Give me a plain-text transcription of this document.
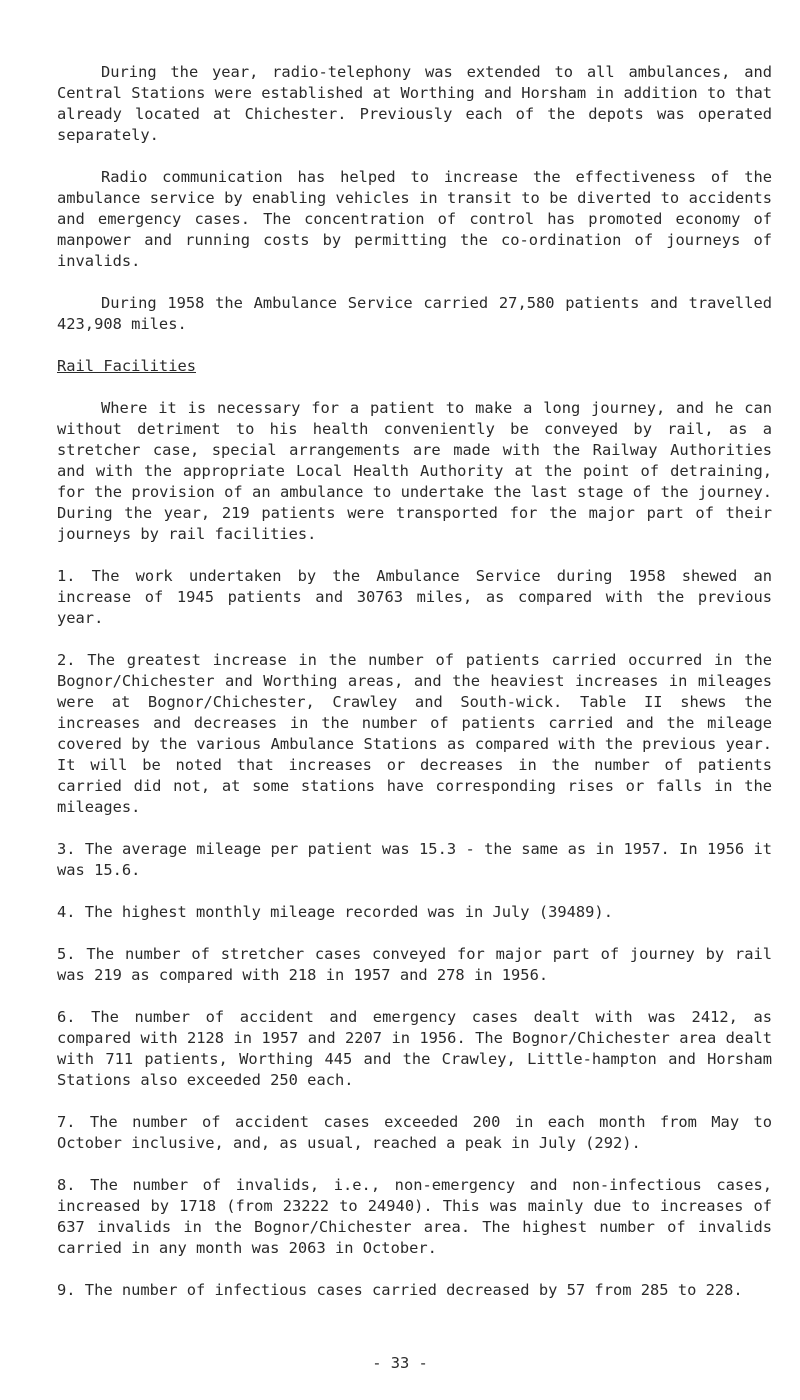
During the year, radio-telephony was extended to all ambulances, and Central Stations were established at Worthing and Horsham in addition to that already located at Chichester. Previously each of the depots was operated separately.

Radio communication has helped to increase the effectiveness of the ambulance service by enabling vehicles in transit to be diverted to accidents and emergency cases. The concentration of control has promoted economy of manpower and running costs by permitting the co-ordination of journeys of invalids.

During 1958 the Ambulance Service carried 27,580 patients and travelled 423,908 miles.

Rail Facilities

Where it is necessary for a patient to make a long journey, and he can without detriment to his health conveniently be conveyed by rail, as a stretcher case, special arrangements are made with the Railway Authorities and with the appropriate Local Health Authority at the point of detraining, for the provision of an ambulance to undertake the last stage of the journey. During the year, 219 patients were transported for the major part of their journeys by rail facilities.

1. The work undertaken by the Ambulance Service during 1958 shewed an increase of 1945 patients and 30763 miles, as compared with the previous year.

2. The greatest increase in the number of patients carried occurred in the Bognor/Chichester and Worthing areas, and the heaviest increases in mileages were at Bognor/Chichester, Crawley and South-wick. Table II shews the increases and decreases in the number of patients carried and the mileage covered by the various Ambulance Stations as compared with the previous year. It will be noted that increases or decreases in the number of patients carried did not, at some stations have corresponding rises or falls in the mileages.

3. The average mileage per patient was 15.3 - the same as in 1957. In 1956 it was 15.6.

4. The highest monthly mileage recorded was in July (39489).

5. The number of stretcher cases conveyed for major part of journey by rail was 219 as compared with 218 in 1957 and 278 in 1956.

6. The number of accident and emergency cases dealt with was 2412, as compared with 2128 in 1957 and 2207 in 1956. The Bognor/Chichester area dealt with 711 patients, Worthing 445 and the Crawley, Little-hampton and Horsham Stations also exceeded 250 each.

7. The number of accident cases exceeded 200 in each month from May to October inclusive, and, as usual, reached a peak in July (292).

8. The number of invalids, i.e., non-emergency and non-infectious cases, increased by 1718 (from 23222 to 24940). This was mainly due to increases of 637 invalids in the Bognor/Chichester area. The highest number of invalids carried in any month was 2063 in October.

9. The number of infectious cases carried decreased by 57 from 285 to 228.

- 33 -
